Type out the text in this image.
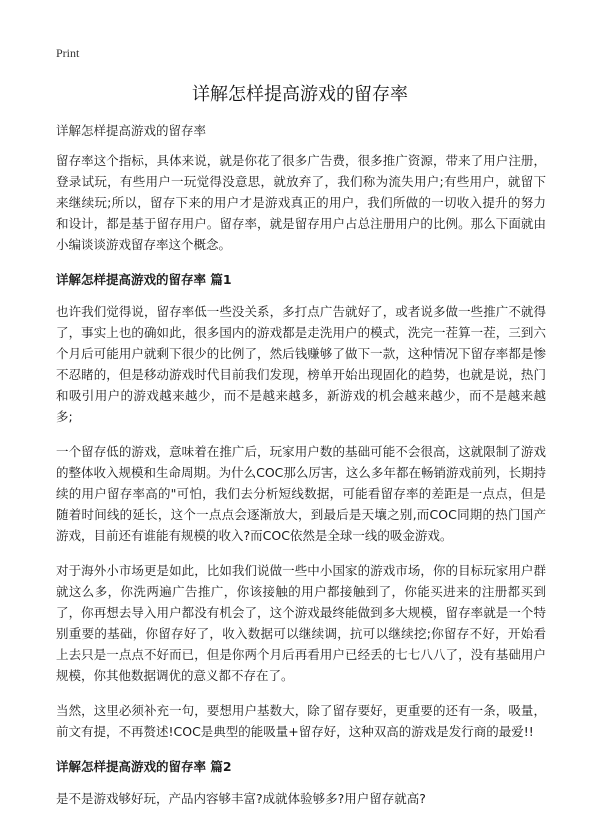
Print
详解怎样提高游戏的留存率
详解怎样提高游戏的留存率

留存率这个指标，具体来说，就是你花了很多广告费，很多推广资源，带来了用户注册，登录试玩，有些用户一玩觉得没意思，就放弃了，我们称为流失用户;有些用户，就留下来继续玩;所以，留存下来的用户才是游戏真正的用户，我们所做的一切收入提升的努力和设计，都是基于留存用户。留存率，就是留存用户占总注册用户的比例。那么下面就由小编谈谈游戏留存率这个概念。

详解怎样提高游戏的留存率 篇1

也许我们觉得说，留存率低一些没关系，多打点广告就好了，或者说多做一些推广不就得了，事实上也的确如此，很多国内的游戏都是走洗用户的模式，洗完一茬算一茬，三到六个月后可能用户就剩下很少的比例了，然后钱赚够了做下一款，这种情况下留存率都是惨不忍睹的，但是移动游戏时代目前我们发现，榜单开始出现固化的趋势，也就是说，热门和吸引用户的游戏越来越少，而不是越来越多，新游戏的机会越来越少，而不是越来越多;

一个留存低的游戏，意味着在推广后，玩家用户数的基础可能不会很高，这就限制了游戏的整体收入规模和生命周期。为什么COC那么厉害，这么多年都在畅销游戏前列，长期持续的用户留存率高的"可怕，我们去分析短线数据，可能看留存率的差距是一点点，但是随着时间线的延长，这个一点点会逐渐放大，到最后是天壤之别,而COC同期的热门国产游戏，目前还有谁能有规模的收入?而COC依然是全球一线的吸金游戏。

对于海外小市场更是如此，比如我们说做一些中小国家的游戏市场，你的目标玩家用户群就这么多，你洗两遍广告推广，你该接触的用户都接触到了，你能买进来的注册都买到了，你再想去导入用户都没有机会了，这个游戏最终能做到多大规模，留存率就是一个特别重要的基础，你留存好了，收入数据可以继续调，抗可以继续挖;你留存不好，开始看上去只是一点点不好而已，但是你两个月后再看用户已经丢的七七八八了，没有基础用户规模，你其他数据调优的意义都不存在了。

当然，这里必须补充一句，要想用户基数大，除了留存要好，更重要的还有一条，吸量，前文有提，不再赘述!COC是典型的能吸量+留存好，这种双高的游戏是发行商的最爱!!

详解怎样提高游戏的留存率 篇2

是不是游戏够好玩，产品内容够丰富?成就体验够多?用户留存就高?
